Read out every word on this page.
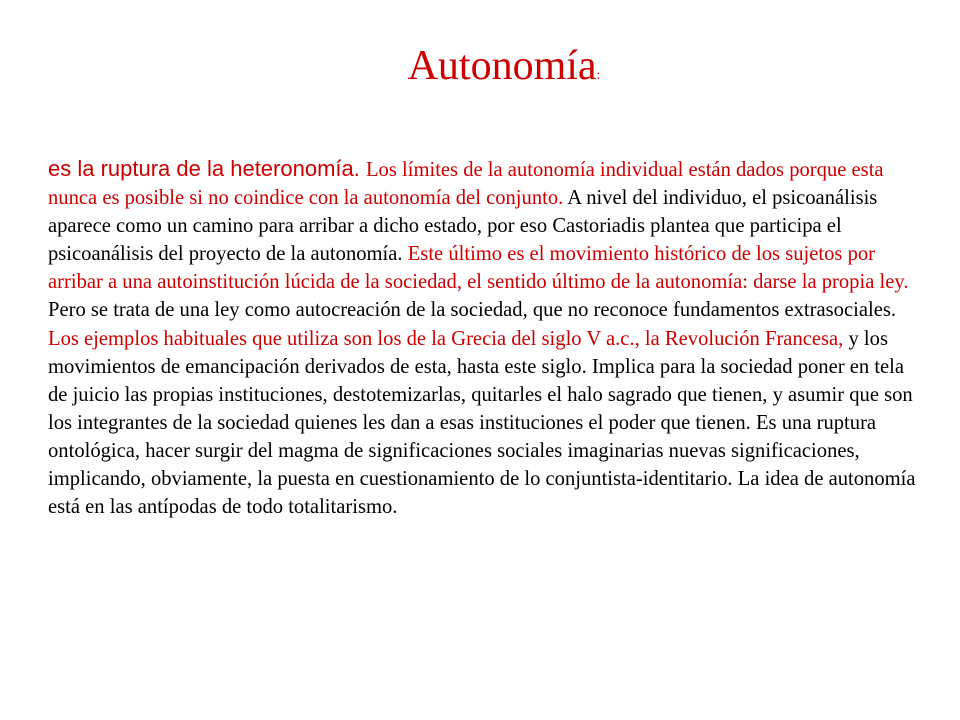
Autonomía:

es la ruptura de la heteronomía. Los límites de la autonomía individual están dados porque esta nunca es posible si no coindice con la autonomía del conjunto. A nivel del individuo, el psicoanálisis aparece como un camino para arribar a dicho estado, por eso Castoriadis plantea que participa el psicoanálisis del proyecto de la autonomía. Este último es el movimiento histórico de los sujetos por arribar a una autoinstitución lúcida de la sociedad, el sentido último de la autonomía: darse la propia ley. Pero se trata de una ley como autocreación de la sociedad, que no reconoce fundamentos extrasociales. Los ejemplos habituales que utiliza son los de la Grecia del siglo V a.c., la Revolución Francesa, y los movimientos de emancipación derivados de esta, hasta este siglo. Implica para la sociedad poner en tela de juicio las propias instituciones, destotemizarlas, quitarles el halo sagrado que tienen, y asumir que son los integrantes de la sociedad quienes les dan a esas instituciones el poder que tienen. Es una ruptura ontológica, hacer surgir del magma de significaciones sociales imaginarias nuevas significaciones, implicando, obviamente, la puesta en cuestionamiento de lo conjuntista-identitario. La idea de autonomía está en las antípodas de todo totalitarismo.
